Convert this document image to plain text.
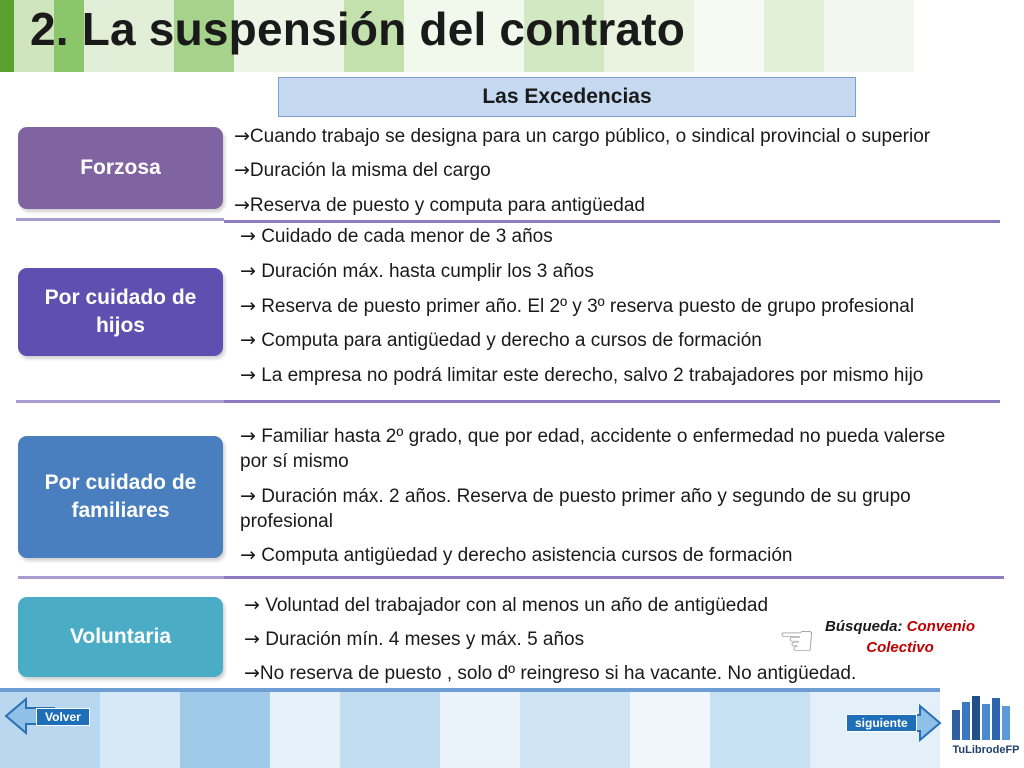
2. La suspensión del contrato
Las Excedencias
Forzosa
→Cuando trabajo se designa para un cargo público, o sindical provincial o superior
→Duración la misma del cargo
→Reserva de puesto y computa para antigüedad
Por cuidado de hijos
→ Cuidado de cada menor de 3 años
→ Duración máx. hasta cumplir los 3 años
→ Reserva de puesto primer año. El 2º y 3º reserva puesto de grupo profesional
→ Computa para antigüedad y derecho a cursos de formación
→ La empresa no podrá limitar este derecho, salvo 2 trabajadores por mismo hijo
Por cuidado de familiares
→ Familiar hasta 2º grado, que por edad, accidente o enfermedad no pueda valerse por sí mismo
→ Duración máx. 2 años. Reserva de puesto primer año y segundo de su grupo profesional
→ Computa antigüedad y derecho asistencia cursos de formación
Voluntaria
→ Voluntad del trabajador con al menos un año de antigüedad
→ Duración mín. 4 meses y máx. 5 años
→No reserva de puesto , solo dº reingreso si ha vacante. No antigüedad.
☜ Búsqueda: Convenio Colectivo
Volver	siguiente
TuLibrodeFP
